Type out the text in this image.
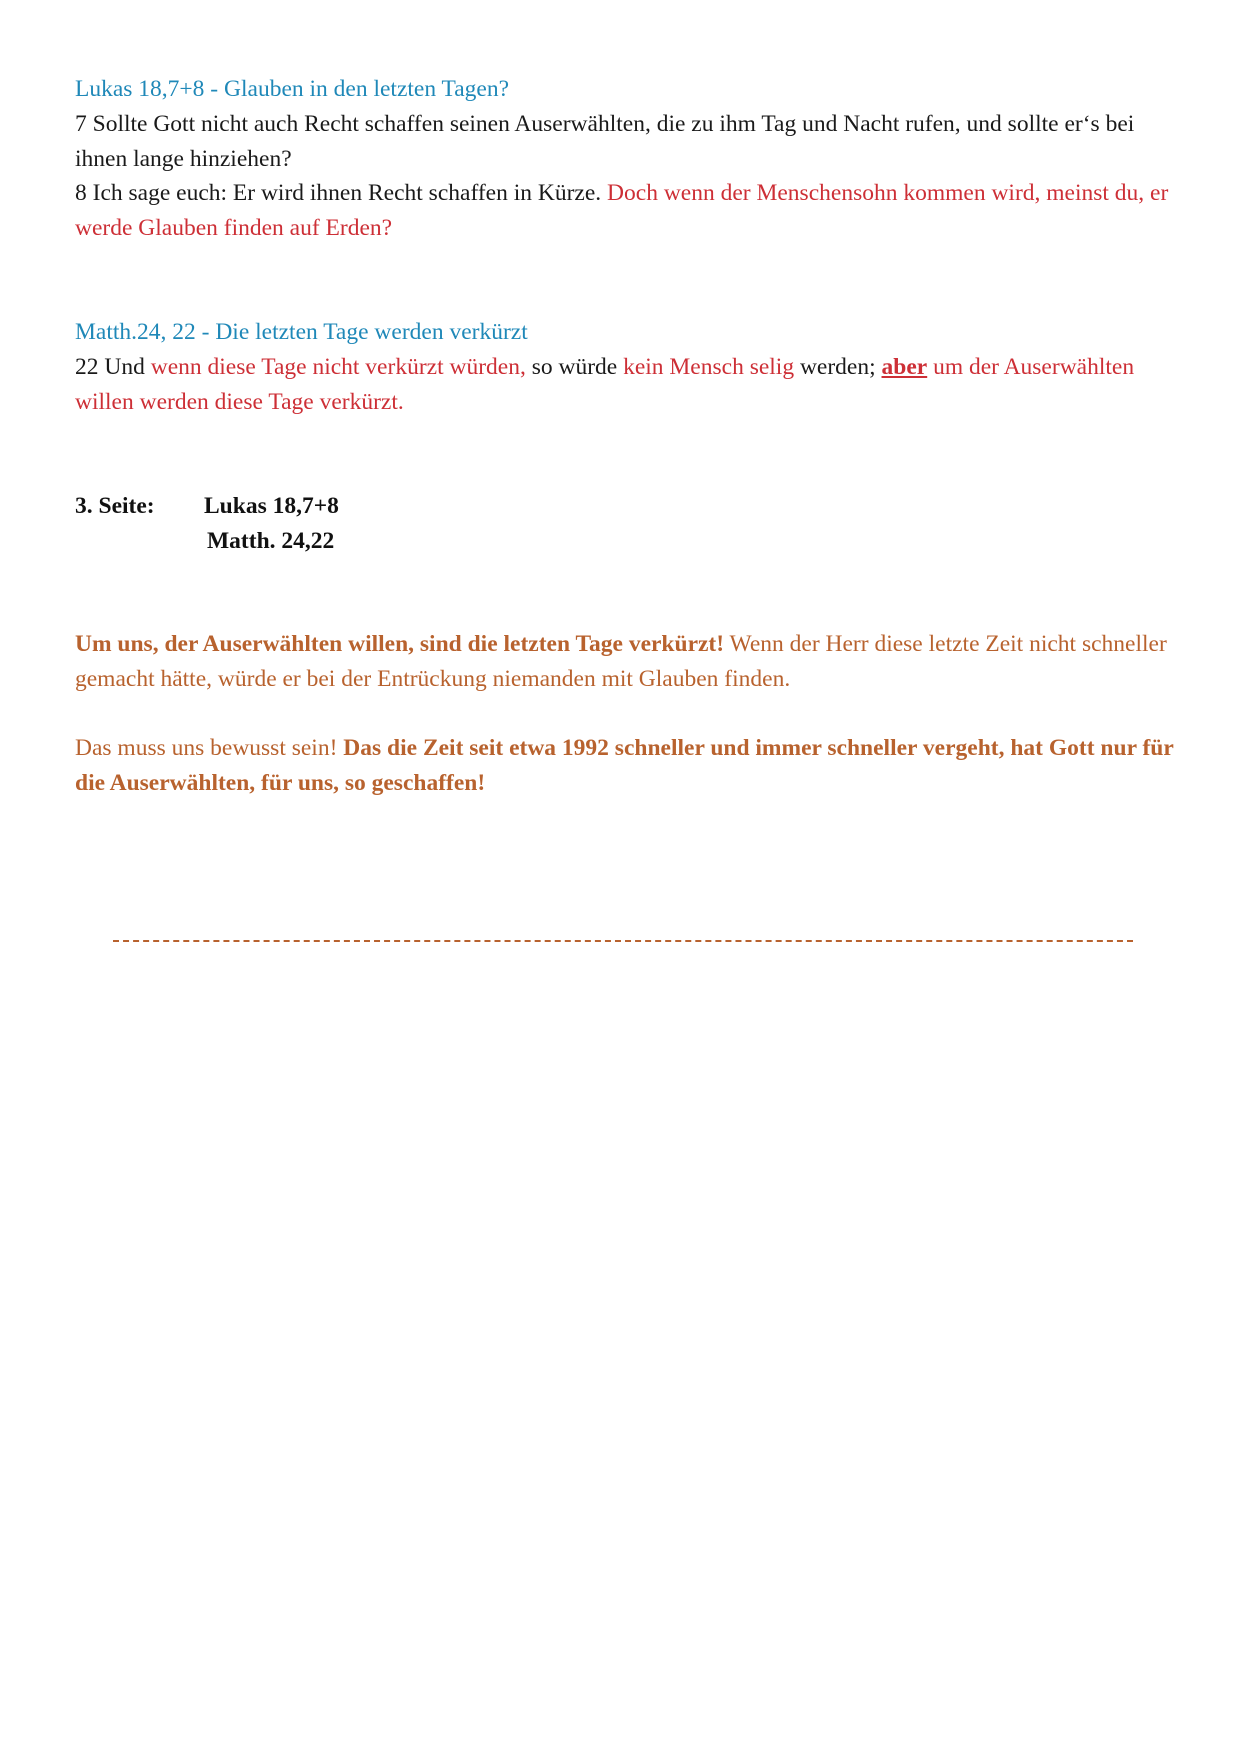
Lukas 18,7+8 - Glauben in den letzten Tagen?

7 Sollte Gott nicht auch Recht schaffen seinen Auserwählten, die zu ihm Tag und Nacht rufen, und sollte er‘s bei ihnen lange hinziehen?

8 Ich sage euch: Er wird ihnen Recht schaffen in Kürze. Doch wenn der Menschensohn kommen wird, meinst du, er werde Glauben finden auf Erden?

Matth.24, 22 - Die letzten Tage werden verkürzt

22 Und wenn diese Tage nicht verkürzt würden, so würde kein Mensch selig werden; aber um der Auserwählten willen werden diese Tage verkürzt.

3. Seite: Lukas 18,7+8

Matth. 24,22

Um uns, der Auserwählten willen, sind die letzten Tage verkürzt! Wenn der Herr diese letzte Zeit nicht schneller gemacht hätte, würde er bei der Entrückung niemanden mit Glauben finden.

Das muss uns bewusst sein! Das die Zeit seit etwa 1992 schneller und immer schneller vergeht, hat Gott nur für die Auserwählten, für uns, so geschaffen!
